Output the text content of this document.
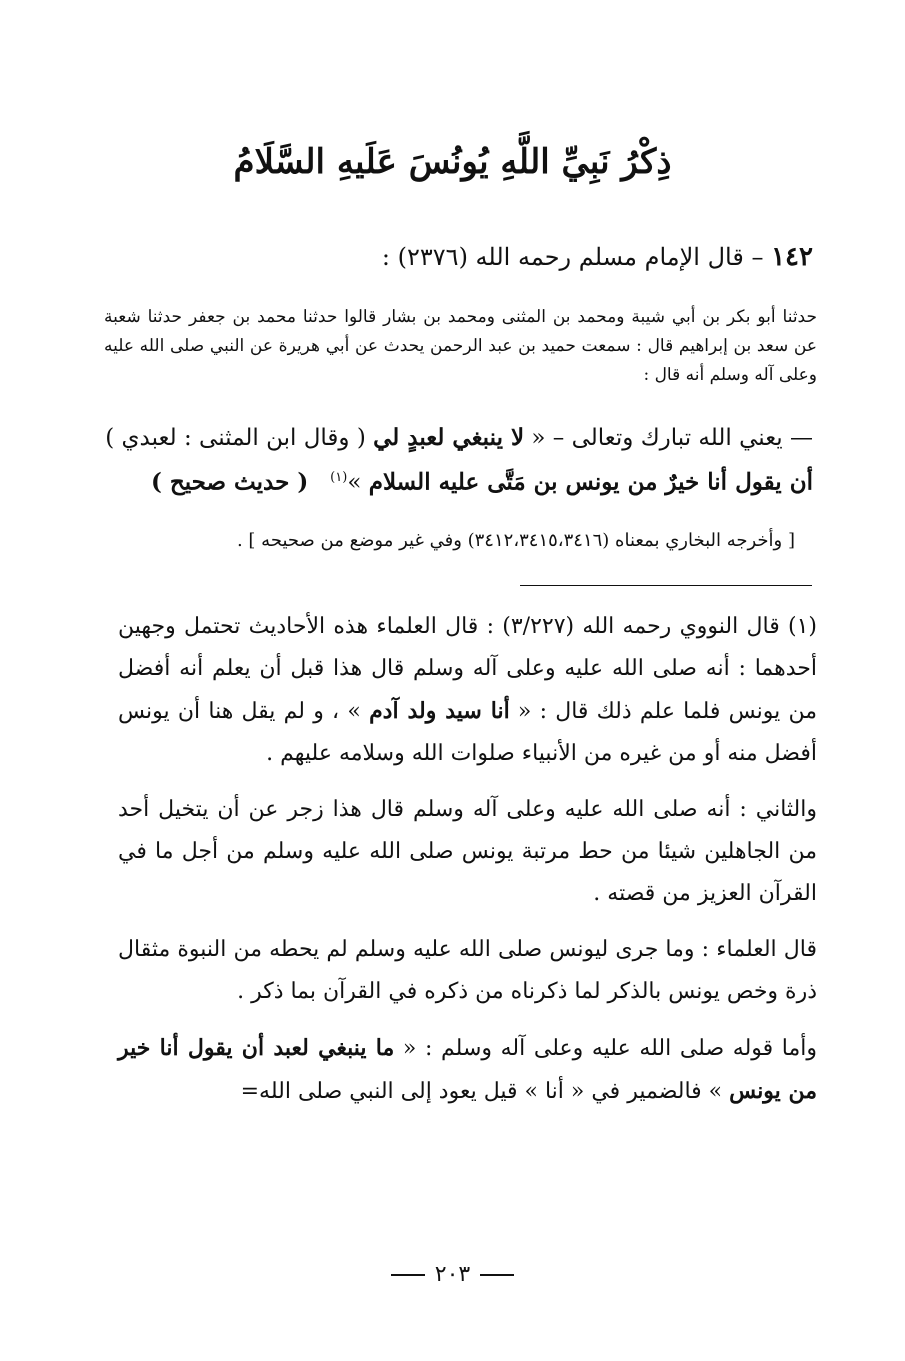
ذِكْرُ نَبِيِّ اللَّهِ يُونُسَ عَلَيهِ السَّلَامُ
١٤٢ – قال الإمام مسلم رحمه الله (٢٣٧٦) :
حدثنا أبو بكر بن أبي شيبة ومحمد بن المثنى ومحمد بن بشار قالوا حدثنا محمد بن جعفر حدثنا شعبة عن سعد بن إبراهيم قال : سمعت حميد بن عبد الرحمن يحدث عن أبي هريرة عن النبي صلى الله عليه وعلى آله وسلم أنه قال :
— يعني الله تبارك وتعالى – « لا ينبغي لعبدٍ لي ( وقال ابن المثنى : لعبدي ) أن يقول أنا خيرٌ من يونس بن مَتَّى عليه السلام »$^{(١)}$   ( حديث صحيح )
[ وأخرجه البخاري بمعناه (٣٤١٢،٣٤١٥،٣٤١٦) وفي غير موضع من صحيحه ] .

(١) قال النووي رحمه الله (٣/٢٢٧) : قال العلماء هذه الأحاديث تحتمل وجهين أحدهما : أنه صلى الله عليه وعلى آله وسلم قال هذا قبل أن يعلم أنه أفضل من يونس فلما علم ذلك قال : « أنا سيد ولد آدم » ، و لم يقل هنا أن يونس أفضل منه أو من غيره من الأنبياء صلوات الله وسلامه عليهم .

والثاني : أنه صلى الله عليه وعلى آله وسلم قال هذا زجر عن أن يتخيل أحد من الجاهلين شيئا من حط مرتبة يونس صلى الله عليه وسلم من أجل ما في القرآن العزيز من قصته .

قال العلماء : وما جرى ليونس صلى الله عليه وسلم لم يحطه من النبوة مثقال ذرة وخص يونس بالذكر لما ذكرناه من ذكره في القرآن بما ذكر .

وأما قوله صلى الله عليه وعلى آله وسلم : « ما ينبغي لعبد أن يقول أنا خير من يونس » فالضمير في « أنا » قيل يعود إلى النبي صلى الله=

٢٠٣
